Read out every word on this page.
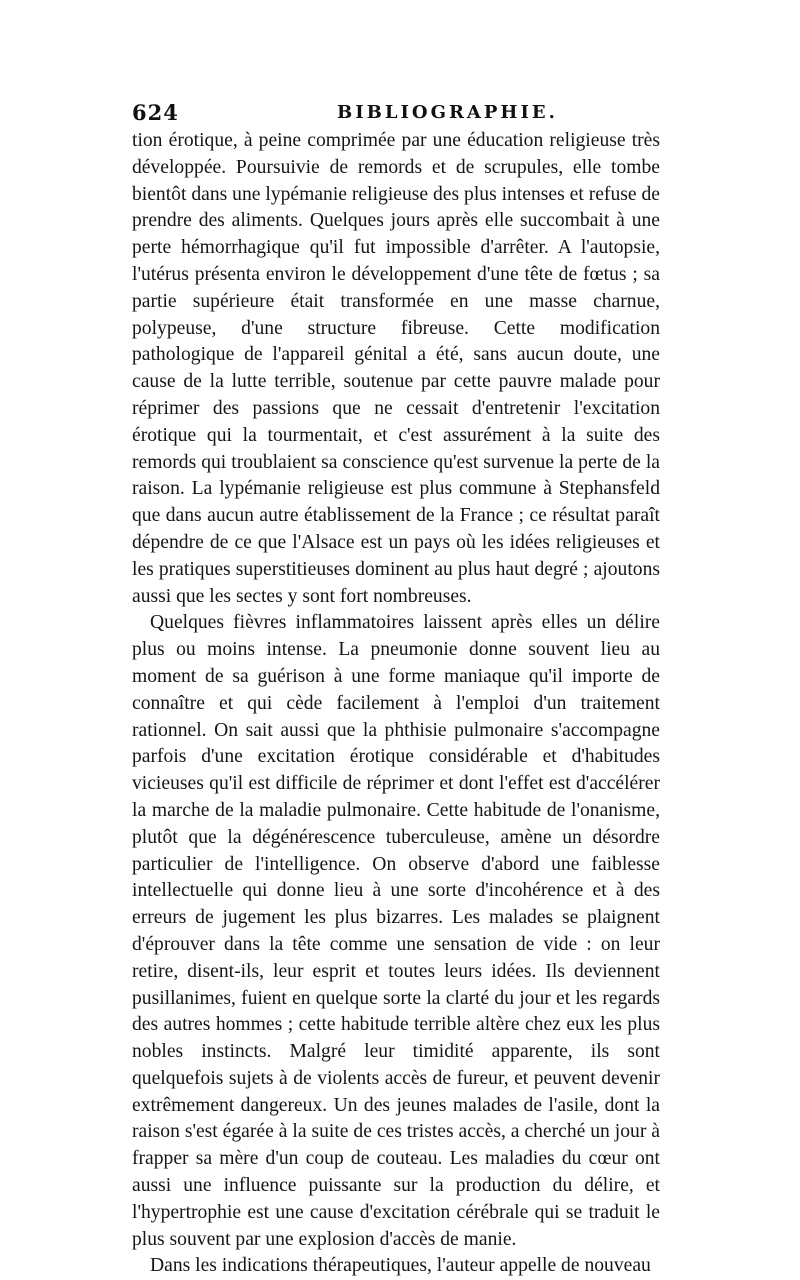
624	BIBLIOGRAPHIE.

tion érotique, à peine comprimée par une éducation religieuse très développée. Poursuivie de remords et de scrupules, elle tombe bientôt dans une lypémanie religieuse des plus intenses et refuse de prendre des aliments. Quelques jours après elle succombait à une perte hémorrhagique qu'il fut impossible d'arrêter. A l'autopsie, l'utérus présenta environ le développement d'une tête de fœtus ; sa partie supérieure était transformée en une masse charnue, polypeuse, d'une structure fibreuse. Cette modification pathologique de l'appareil génital a été, sans aucun doute, une cause de la lutte terrible, soutenue par cette pauvre malade pour réprimer des passions que ne cessait d'entretenir l'excitation érotique qui la tourmentait, et c'est assurément à la suite des remords qui troublaient sa conscience qu'est survenue la perte de la raison. La lypémanie religieuse est plus commune à Stephansfeld que dans aucun autre établissement de la France ; ce résultat paraît dépendre de ce que l'Alsace est un pays où les idées religieuses et les pratiques superstitieuses dominent au plus haut degré ; ajoutons aussi que les sectes y sont fort nombreuses.

Quelques fièvres inflammatoires laissent après elles un délire plus ou moins intense. La pneumonie donne souvent lieu au moment de sa guérison à une forme maniaque qu'il importe de connaître et qui cède facilement à l'emploi d'un traitement rationnel. On sait aussi que la phthisie pulmonaire s'accompagne parfois d'une excitation érotique considérable et d'habitudes vicieuses qu'il est difficile de réprimer et dont l'effet est d'accélérer la marche de la maladie pulmonaire. Cette habitude de l'onanisme, plutôt que la dégénérescence tuberculeuse, amène un désordre particulier de l'intelligence. On observe d'abord une faiblesse intellectuelle qui donne lieu à une sorte d'incohérence et à des erreurs de jugement les plus bizarres. Les malades se plaignent d'éprouver dans la tête comme une sensation de vide : on leur retire, disent-ils, leur esprit et toutes leurs idées. Ils deviennent pusillanimes, fuient en quelque sorte la clarté du jour et les regards des autres hommes ; cette habitude terrible altère chez eux les plus nobles instincts. Malgré leur timidité apparente, ils sont quelquefois sujets à de violents accès de fureur, et peuvent devenir extrêmement dangereux. Un des jeunes malades de l'asile, dont la raison s'est égarée à la suite de ces tristes accès, a cherché un jour à frapper sa mère d'un coup de couteau. Les maladies du cœur ont aussi une influence puissante sur la production du délire, et l'hypertrophie est une cause d'excitation cérébrale qui se traduit le plus souvent par une explosion d'accès de manie.

Dans les indications thérapeutiques, l'auteur appelle de nouveau
